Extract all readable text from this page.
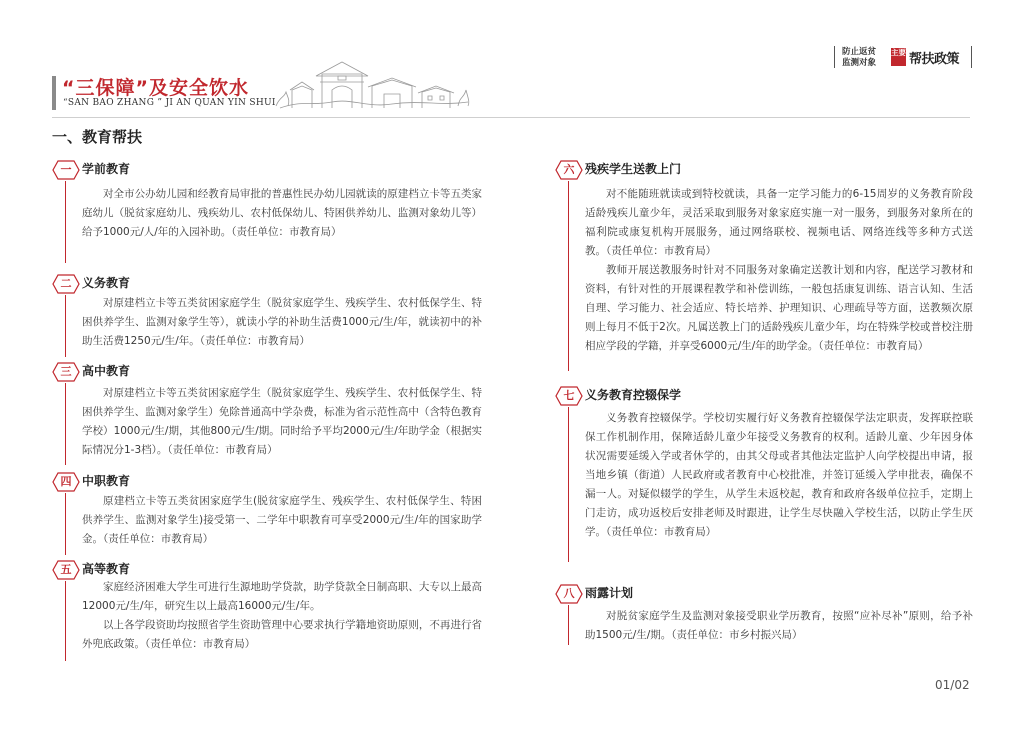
“三保障”及安全饮水
“SAN BAO ZHANG ” JI AN QUAN YIN SHUI
防止返贫
监测对象
主要 帮扶政策
一、教育帮扶
一 学前教育

对全市公办幼儿园和经教育局审批的普惠性民办幼儿园就读的原建档立卡等五类家庭幼儿（脱贫家庭幼儿、残疾幼儿、农村低保幼儿、特困供养幼儿、监测对象幼儿等）给予1000元/人/年的入园补助。（责任单位：市教育局）

二 义务教育

对原建档立卡等五类贫困家庭学生（脱贫家庭学生、残疾学生、农村低保学生、特困供养学生、监测对象学生等），就读小学的补助生活费1000元/生/年，就读初中的补助生活费1250元/生/年。（责任单位：市教育局）

三 高中教育

对原建档立卡等五类贫困家庭学生（脱贫家庭学生、残疾学生、农村低保学生、特困供养学生、监测对象学生）免除普通高中学杂费，标准为省示范性高中（含特色教育学校）1000元/生/期，其他800元/生/期。同时给予平均2000元/生/年助学金（根据实际情况分1-3档）。（责任单位：市教育局）

四 中职教育

原建档立卡等五类贫困家庭学生(脱贫家庭学生、残疾学生、农村低保学生、特困供养学生、监测对象学生)接受第一、二学年中职教育可享受2000元/生/年的国家助学金。（责任单位：市教育局）

五 高等教育

家庭经济困难大学生可进行生源地助学贷款，助学贷款全日制高职、大专以上最高12000元/生/年，研究生以上最高16000元/生/年。

以上各学段资助均按照省学生资助管理中心要求执行学籍地资助原则，不再进行省外兜底政策。（责任单位：市教育局）

六 残疾学生送教上门

对不能随班就读或到特校就读，具备一定学习能力的6-15周岁的义务教育阶段适龄残疾儿童少年，灵活采取到服务对象家庭实施一对一服务，到服务对象所在的福利院或康复机构开展服务，通过网络联校、视频电话、网络连线等多种方式送教。（责任单位：市教育局）

教师开展送教服务时针对不同服务对象确定送教计划和内容，配送学习教材和资料，有针对性的开展课程教学和补偿训练，一般包括康复训练、语言认知、生活自理、学习能力、社会适应、特长培养、护理知识、心理疏导等方面，送教频次原则上每月不低于2次。凡属送教上门的适龄残疾儿童少年，均在特殊学校或普校注册相应学段的学籍，并享受6000元/生/年的助学金。（责任单位：市教育局）

七 义务教育控辍保学

义务教育控辍保学。学校切实履行好义务教育控辍保学法定职责，发挥联控联保工作机制作用，保障适龄儿童少年接受义务教育的权利。适龄儿童、少年因身体状况需要延缓入学或者休学的，由其父母或者其他法定监护人向学校提出申请，报当地乡镇（街道）人民政府或者教育中心校批准，并签订延缓入学申批表，确保不漏一人。对疑似辍学的学生，从学生未返校起，教育和政府各级单位拉手，定期上门走访，成功返校后安排老师及时跟进，让学生尽快融入学校生活，以防止学生厌学。（责任单位：市教育局）

八 雨露计划

对脱贫家庭学生及监测对象接受职业学历教育，按照“应补尽补”原则，给予补助1500元/生/期。（责任单位：市乡村振兴局）

01/02
